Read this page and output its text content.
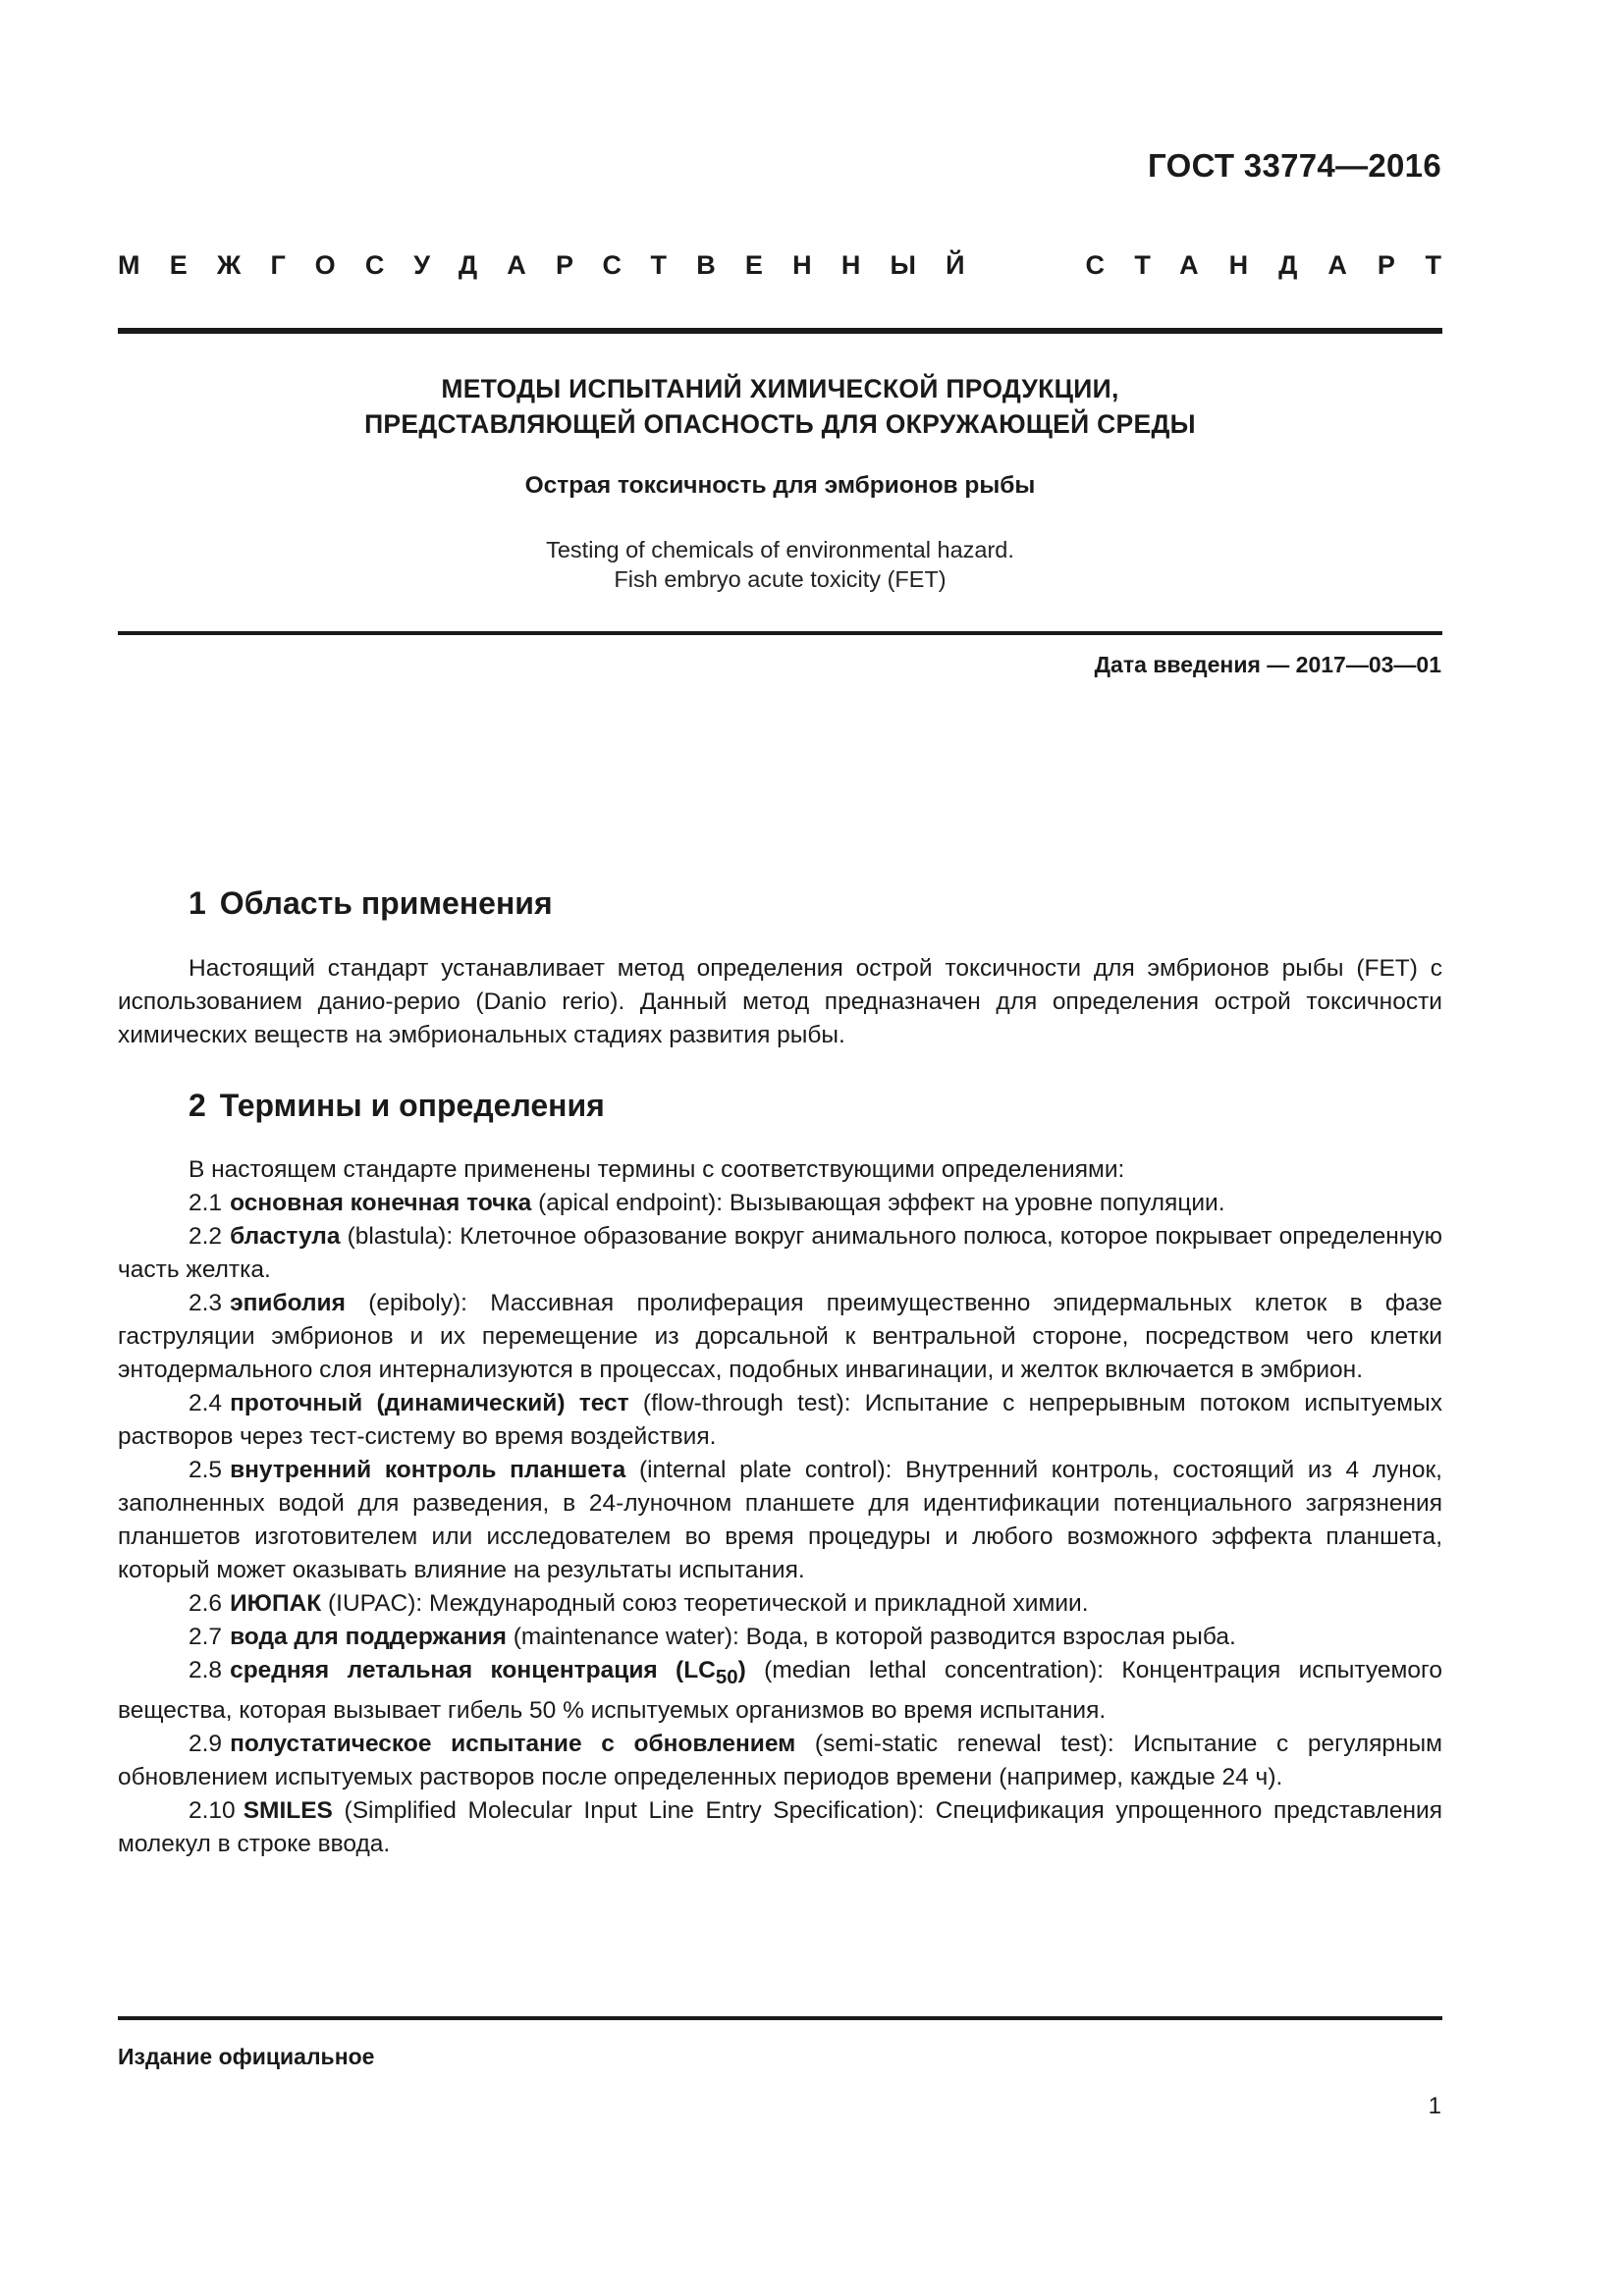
ГОСТ 33774—2016
МЕЖГОСУДАРСТВЕННЫЙ	СТАНДАРТ
МЕТОДЫ ИСПЫТАНИЙ ХИМИЧЕСКОЙ ПРОДУКЦИИ,
ПРЕДСТАВЛЯЮЩЕЙ ОПАСНОСТЬ ДЛЯ ОКРУЖАЮЩЕЙ СРЕДЫ
Острая токсичность для эмбрионов рыбы
Testing of chemicals of environmental hazard.
Fish embryo acute toxicity (FET)
Дата введения — 2017—03—01
1 Область применения

Настоящий стандарт устанавливает метод определения острой токсичности для эмбрионов рыбы (FET) с использованием данио-рерио (Danio rerio). Данный метод предназначен для определения острой токсичности химических веществ на эмбриональных стадиях развития рыбы.

2 Термины и определения

В настоящем стандарте применены термины с соответствующими определениями:

2.1 основная конечная точка (apical endpoint): Вызывающая эффект на уровне популяции.

2.2 бластула (blastula): Клеточное образование вокруг анимального полюса, которое покрывает определенную часть желтка.

2.3 эпиболия (epiboly): Массивная пролиферация преимущественно эпидермальных клеток в фазе гаструляции эмбрионов и их перемещение из дорсальной к вентральной стороне, посредством чего клетки энтодермального слоя интернализуются в процессах, подобных инвагинации, и желток включается в эмбрион.

2.4 проточный (динамический) тест (flow-through test): Испытание с непрерывным потоком испытуемых растворов через тест-систему во время воздействия.

2.5 внутренний контроль планшета (internal plate control): Внутренний контроль, состоящий из 4 лунок, заполненных водой для разведения, в 24-луночном планшете для идентификации потенциального загрязнения планшетов изготовителем или исследователем во время процедуры и любого возможного эффекта планшета, который может оказывать влияние на результаты испытания.

2.6 ИЮПАК (IUPAC): Международный союз теоретической и прикладной химии.

2.7 вода для поддержания (maintenance water): Вода, в которой разводится взрослая рыба.

2.8 средняя летальная концентрация $(LC_{50})$ (median lethal concentration): Концентрация испытуемого вещества, которая вызывает гибель 50 % испытуемых организмов во время испытания.

2.9 полустатическое испытание с обновлением (semi-static renewal test): Испытание с регулярным обновлением испытуемых растворов после определенных периодов времени (например, каждые 24 ч).

2.10 SMILES (Simplified Molecular Input Line Entry Specification): Спецификация упрощенного представления молекул в строке ввода.

Издание официальное
1
